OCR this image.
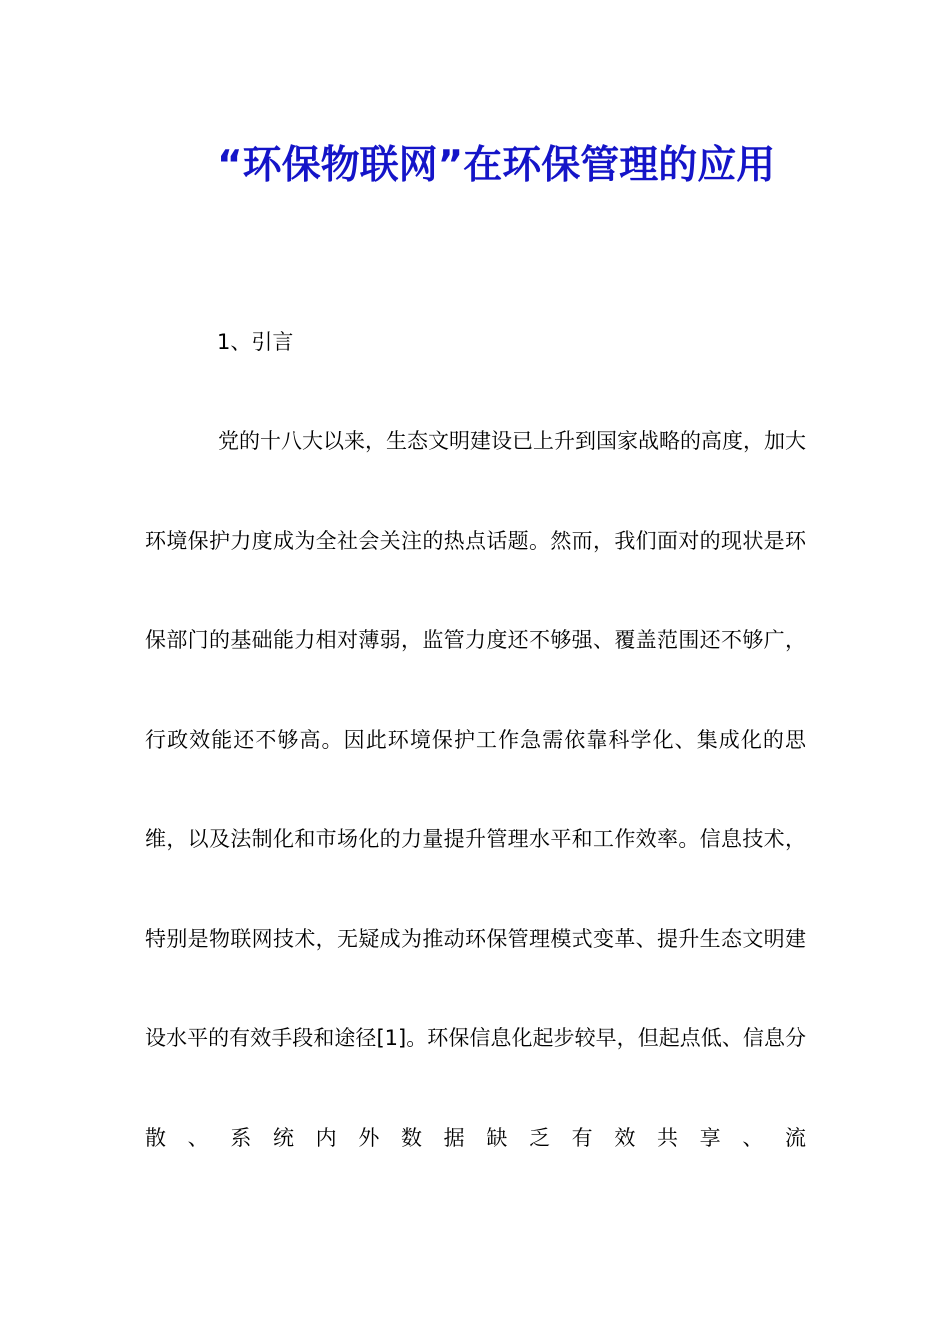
“环保物联网”在环保管理的应用
1、引言

党的十八大以来，生态文明建设已上升到国家战略的高度，加大环境保护力度成为全社会关注的热点话题。然而，我们面对的现状是环保部门的基础能力相对薄弱，监管力度还不够强、覆盖范围还不够广，行政效能还不够高。因此环境保护工作急需依靠科学化、集成化的思维，以及法制化和市场化的力量提升管理水平和工作效率。信息技术，特别是物联网技术，无疑成为推动环保管理模式变革、提升生态文明建设水平的有效手段和途径[1]。环保信息化起步较早，但起点低、信息分散、系统内外数据缺乏有效共享、流
